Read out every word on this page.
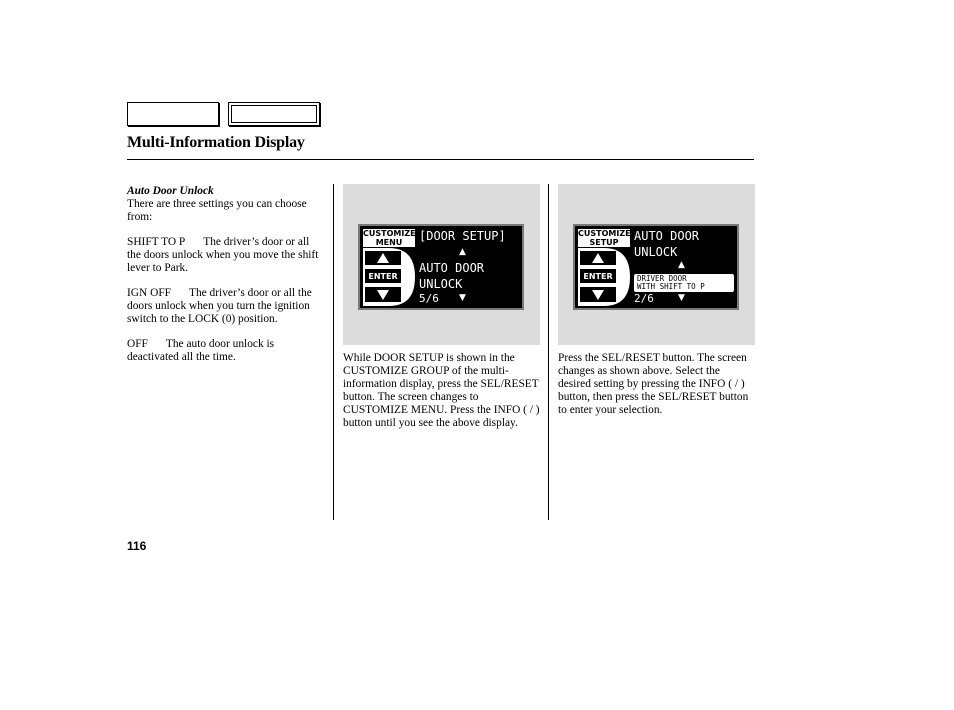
Multi-Information Display

Auto Door Unlock

There are three settings you can choose from:

SHIFT TO P The driver’s door or all the doors unlock when you move the shift lever to Park.

IGN OFF The driver’s door or all the doors unlock when you turn the ignition switch to the LOCK (0) position.

OFF The auto door unlock is deactivated all the time.

CUSTOMIZE
MENU
ENTER
[DOOR SETUP]
▲
AUTO DOOR
UNLOCK
5/6 ▼
CUSTOMIZE
SETUP
ENTER
AUTO DOOR
UNLOCK
▲
DRIVER DOOR
WITH SHIFT TO P
2/6	▼
While DOOR SETUP is shown in the CUSTOMIZE GROUP of the multi-information display, press the SEL/RESET button. The screen changes to CUSTOMIZE MENU. Press the INFO ( / ) button until you see the above display.
Press the SEL/RESET button. The screen changes as shown above. Select the desired setting by pressing the INFO ( / ) button, then press the SEL/RESET button to enter your selection.
116
